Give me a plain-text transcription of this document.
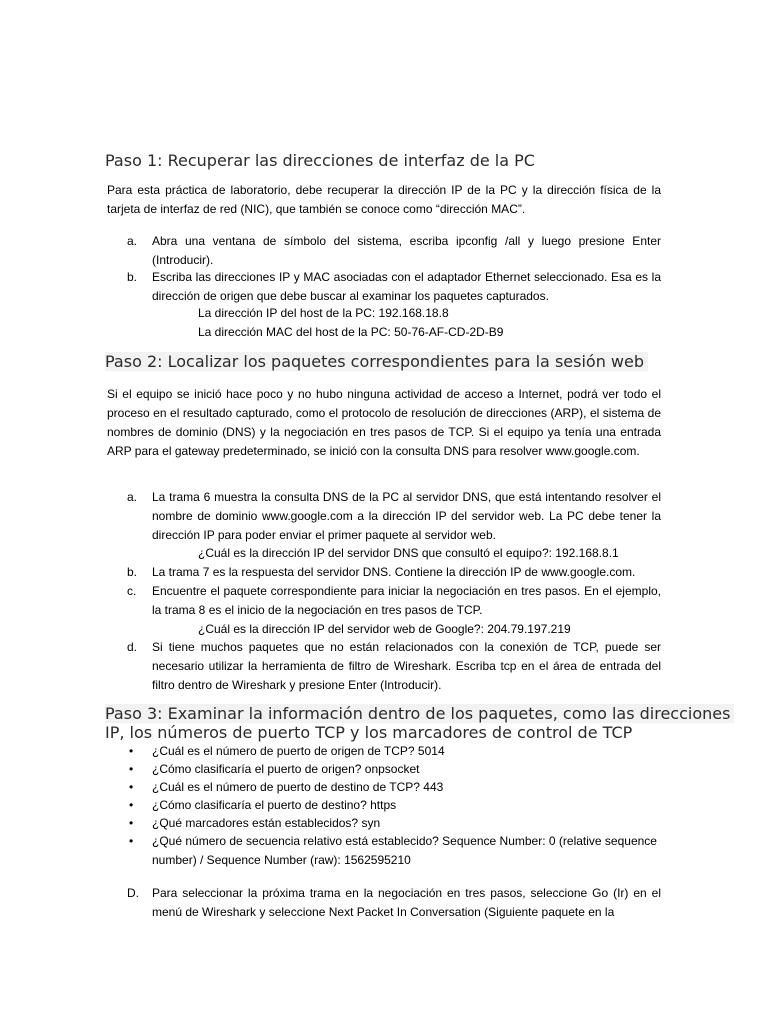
Paso 1: Recuperar las direcciones de interfaz de la PC

Para esta práctica de laboratorio, debe recuperar la dirección IP de la PC y la dirección física de la tarjeta de interfaz de red (NIC), que también se conoce como “dirección MAC”.

a.	Abra una ventana de símbolo del sistema, escriba ipconfig /all y luego presione Enter (Introducir).
b.	Escriba las direcciones IP y MAC asociadas con el adaptador Ethernet seleccionado. Esa es la dirección de origen que debe buscar al examinar los paquetes capturados.

La dirección IP del host de la PC: 192.168.18.8

La dirección MAC del host de la PC: 50-76-AF-CD-2D-B9

Paso 2: Localizar los paquetes correspondientes para la sesión web

Si el equipo se inició hace poco y no hubo ninguna actividad de acceso a Internet, podrá ver todo el proceso en el resultado capturado, como el protocolo de resolución de direcciones (ARP), el sistema de nombres de dominio (DNS) y la negociación en tres pasos de TCP. Si el equipo ya tenía una entrada ARP para el gateway predeterminado, se inició con la consulta DNS para resolver www.google.com.

a.	La trama 6 muestra la consulta DNS de la PC al servidor DNS, que está intentando resolver el nombre de dominio www.google.com a la dirección IP del servidor web. La PC debe tener la dirección IP para poder enviar el primer paquete al servidor web.

¿Cuál es la dirección IP del servidor DNS que consultó el equipo?: 192.168.8.1

b.	La trama 7 es la respuesta del servidor DNS. Contiene la dirección IP de www.google.com.
c.	Encuentre el paquete correspondiente para iniciar la negociación en tres pasos. En el ejemplo, la trama 8 es el inicio de la negociación en tres pasos de TCP.

¿Cuál es la dirección IP del servidor web de Google?: 204.79.197.219

d.	Si tiene muchos paquetes que no están relacionados con la conexión de TCP, puede ser necesario utilizar la herramienta de filtro de Wireshark. Escriba tcp en el área de entrada del filtro dentro de Wireshark y presione Enter (Introducir).
Paso 3: Examinar la información dentro de los paquetes, como las direcciones
IP, los números de puerto TCP y los marcadores de control de TCP
• ¿Cuál es el número de puerto de origen de TCP? 5014
• ¿Cómo clasificaría el puerto de origen? onpsocket
• ¿Cuál es el número de puerto de destino de TCP? 443
• ¿Cómo clasificaría el puerto de destino? https
• ¿Qué marcadores están establecidos? syn
• ¿Qué número de secuencia relativo está establecido? Sequence Number: 0 (relative sequence number) / Sequence Number (raw): 1562595210
D.	Para seleccionar la próxima trama en la negociación en tres pasos, seleccione Go (Ir) en el menú de Wireshark y seleccione Next Packet In Conversation (Siguiente paquete en la
